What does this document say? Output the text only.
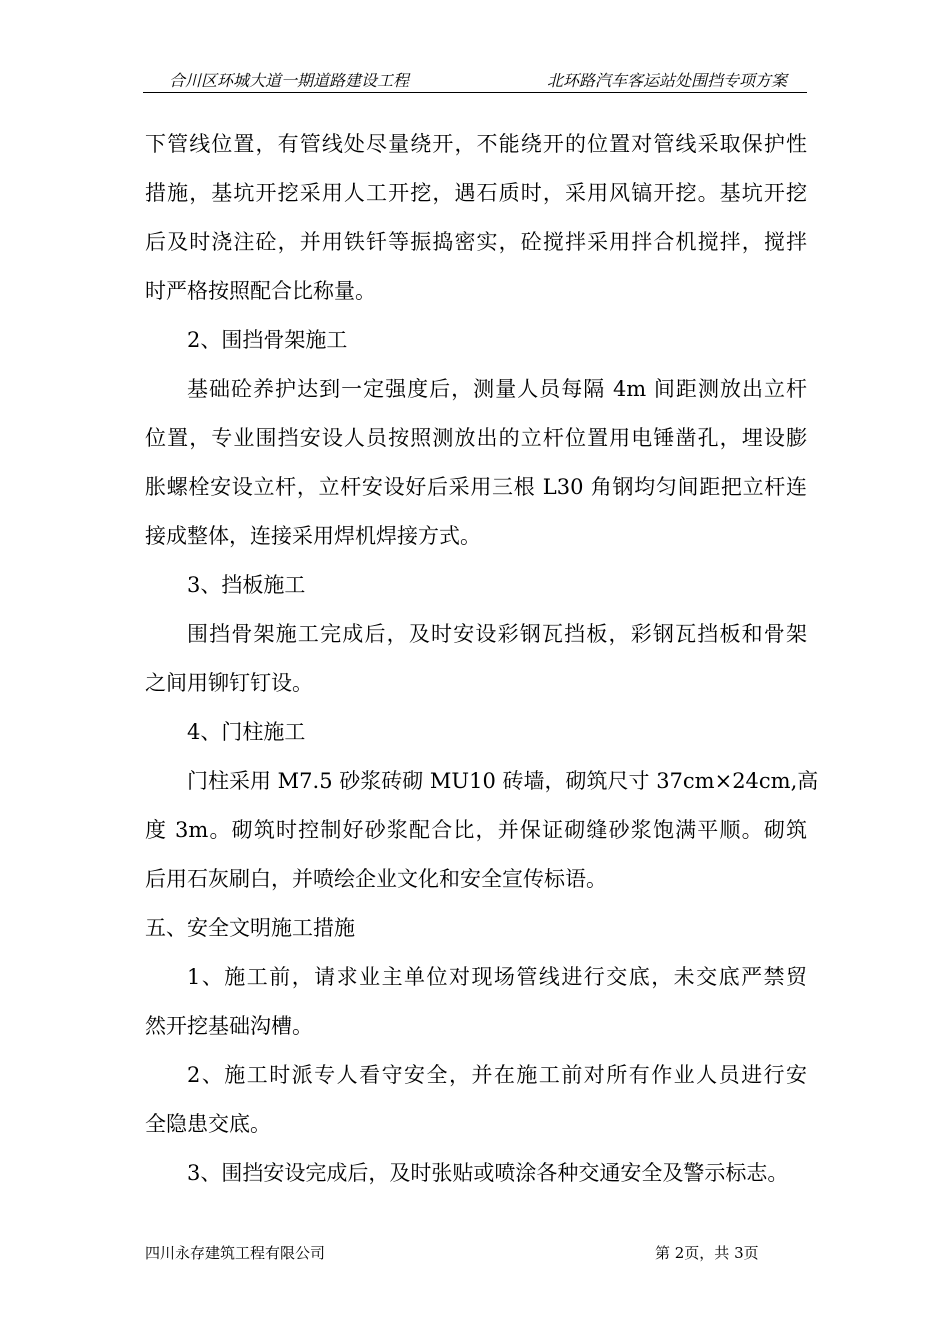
合川区环城大道一期道路建设工程	北环路汽车客运站处围挡专项方案
下管线位置，有管线处尽量绕开，不能绕开的位置对管线采取保护性
措施，基坑开挖采用人工开挖，遇石质时，采用风镐开挖。基坑开挖
后及时浇注砼，并用铁钎等振捣密实，砼搅拌采用拌合机搅拌，搅拌
时严格按照配合比称量。
2、围挡骨架施工
基础砼养护达到一定强度后，测量人员每隔 4m 间距测放出立杆
位置，专业围挡安设人员按照测放出的立杆位置用电锤凿孔，埋设膨
胀螺栓安设立杆，立杆安设好后采用三根 L30 角钢均匀间距把立杆连
接成整体，连接采用焊机焊接方式。
3、挡板施工
围挡骨架施工完成后，及时安设彩钢瓦挡板，彩钢瓦挡板和骨架
之间用铆钉钉设。
4、门柱施工
门柱采用 M7.5 砂浆砖砌 MU10 砖墙，砌筑尺寸 37cm×24cm,高
度 3m。砌筑时控制好砂浆配合比，并保证砌缝砂浆饱满平顺。砌筑
后用石灰刷白，并喷绘企业文化和安全宣传标语。
五、安全文明施工措施
1、施工前，请求业主单位对现场管线进行交底，未交底严禁贸
然开挖基础沟槽。
2、施工时派专人看守安全，并在施工前对所有作业人员进行安
全隐患交底。
3、围挡安设完成后，及时张贴或喷涂各种交通安全及警示标志。
四川永存建筑工程有限公司	第 2页，共 3页
